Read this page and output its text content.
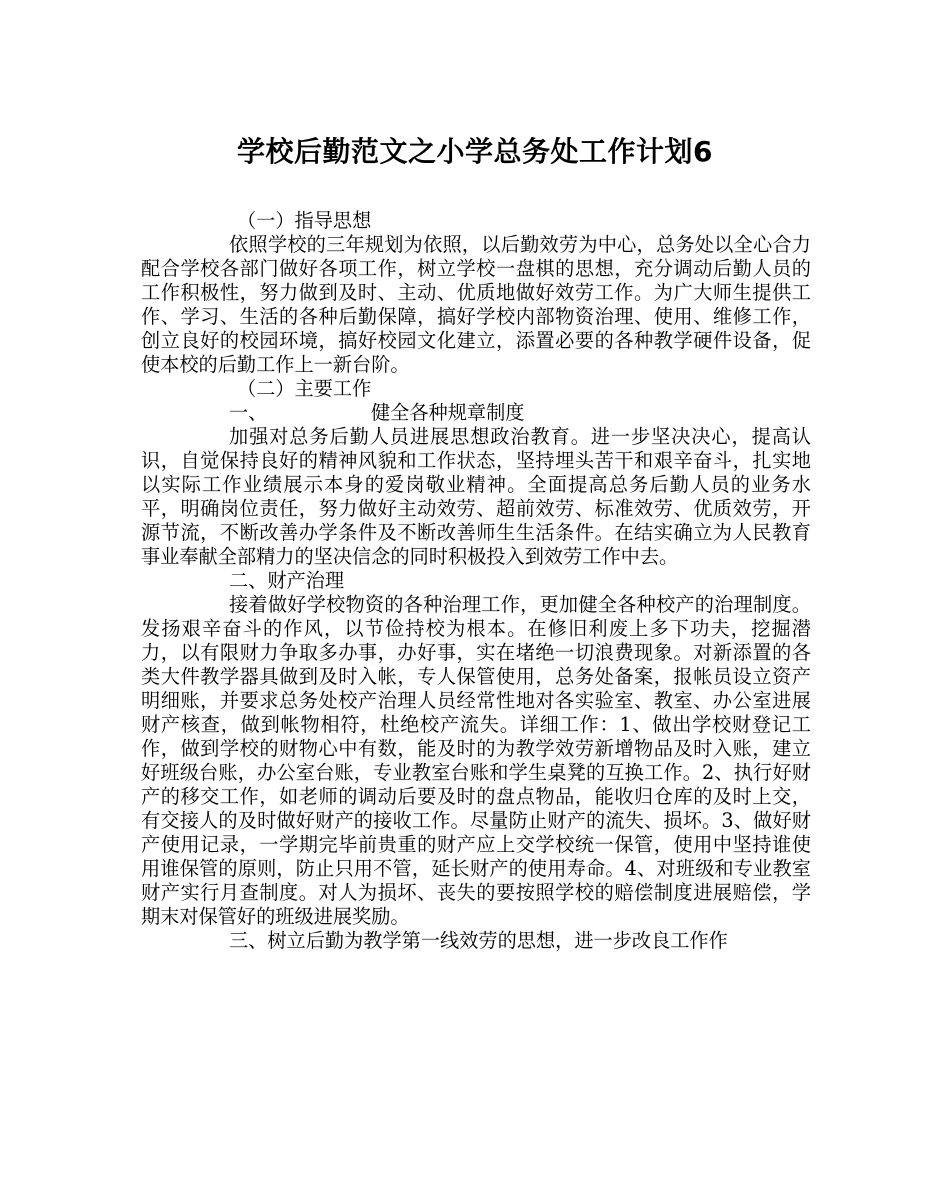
学校后勤范文之小学总务处工作计划6

（一）指导思想

依照学校的三年规划为依照，以后勤效劳为中心，总务处以全心合力配合学校各部门做好各项工作，树立学校一盘棋的思想，充分调动后勤人员的工作积极性，努力做到及时、主动、优质地做好效劳工作。为广大师生提供工作、学习、生活的各种后勤保障，搞好学校内部物资治理、使用、维修工作，创立良好的校园环境，搞好校园文化建立，添置必要的各种教学硬件设备，促使本校的后勤工作上一新台阶。

（二）主要工作

一、	健全各种规章制度

加强对总务后勤人员进展思想政治教育。进一步坚决决心，提高认识，自觉保持良好的精神风貌和工作状态，坚持埋头苦干和艰辛奋斗，扎实地以实际工作业绩展示本身的爱岗敬业精神。全面提高总务后勤人员的业务水平，明确岗位责任，努力做好主动效劳、超前效劳、标准效劳、优质效劳，开源节流，不断改善办学条件及不断改善师生生活条件。在结实确立为人民教育事业奉献全部精力的坚决信念的同时积极投入到效劳工作中去。

二、财产治理

接着做好学校物资的各种治理工作，更加健全各种校产的治理制度。发扬艰辛奋斗的作风，以节俭持校为根本。在修旧利废上多下功夫，挖掘潜力，以有限财力争取多办事，办好事，实在堵绝一切浪费现象。对新添置的各类大件教学器具做到及时入帐，专人保管使用，总务处备案，报帐员设立资产明细账，并要求总务处校产治理人员经常性地对各实验室、教室、办公室进展财产核查，做到帐物相符，杜绝校产流失。详细工作：1、做出学校财登记工作，做到学校的财物心中有数，能及时的为教学效劳新增物品及时入账，建立好班级台账，办公室台账，专业教室台账和学生桌凳的互换工作。2、执行好财产的移交工作，如老师的调动后要及时的盘点物品，能收归仓库的及时上交，有交接人的及时做好财产的接收工作。尽量防止财产的流失、损坏。3、做好财产使用记录，一学期完毕前贵重的财产应上交学校统一保管，使用中坚持谁使用谁保管的原则，防止只用不管，延长财产的使用寿命。4、对班级和专业教室财产实行月查制度。对人为损坏、丧失的要按照学校的赔偿制度进展赔偿，学期末对保管好的班级进展奖励。

三、树立后勤为教学第一线效劳的思想，进一步改良工作作
